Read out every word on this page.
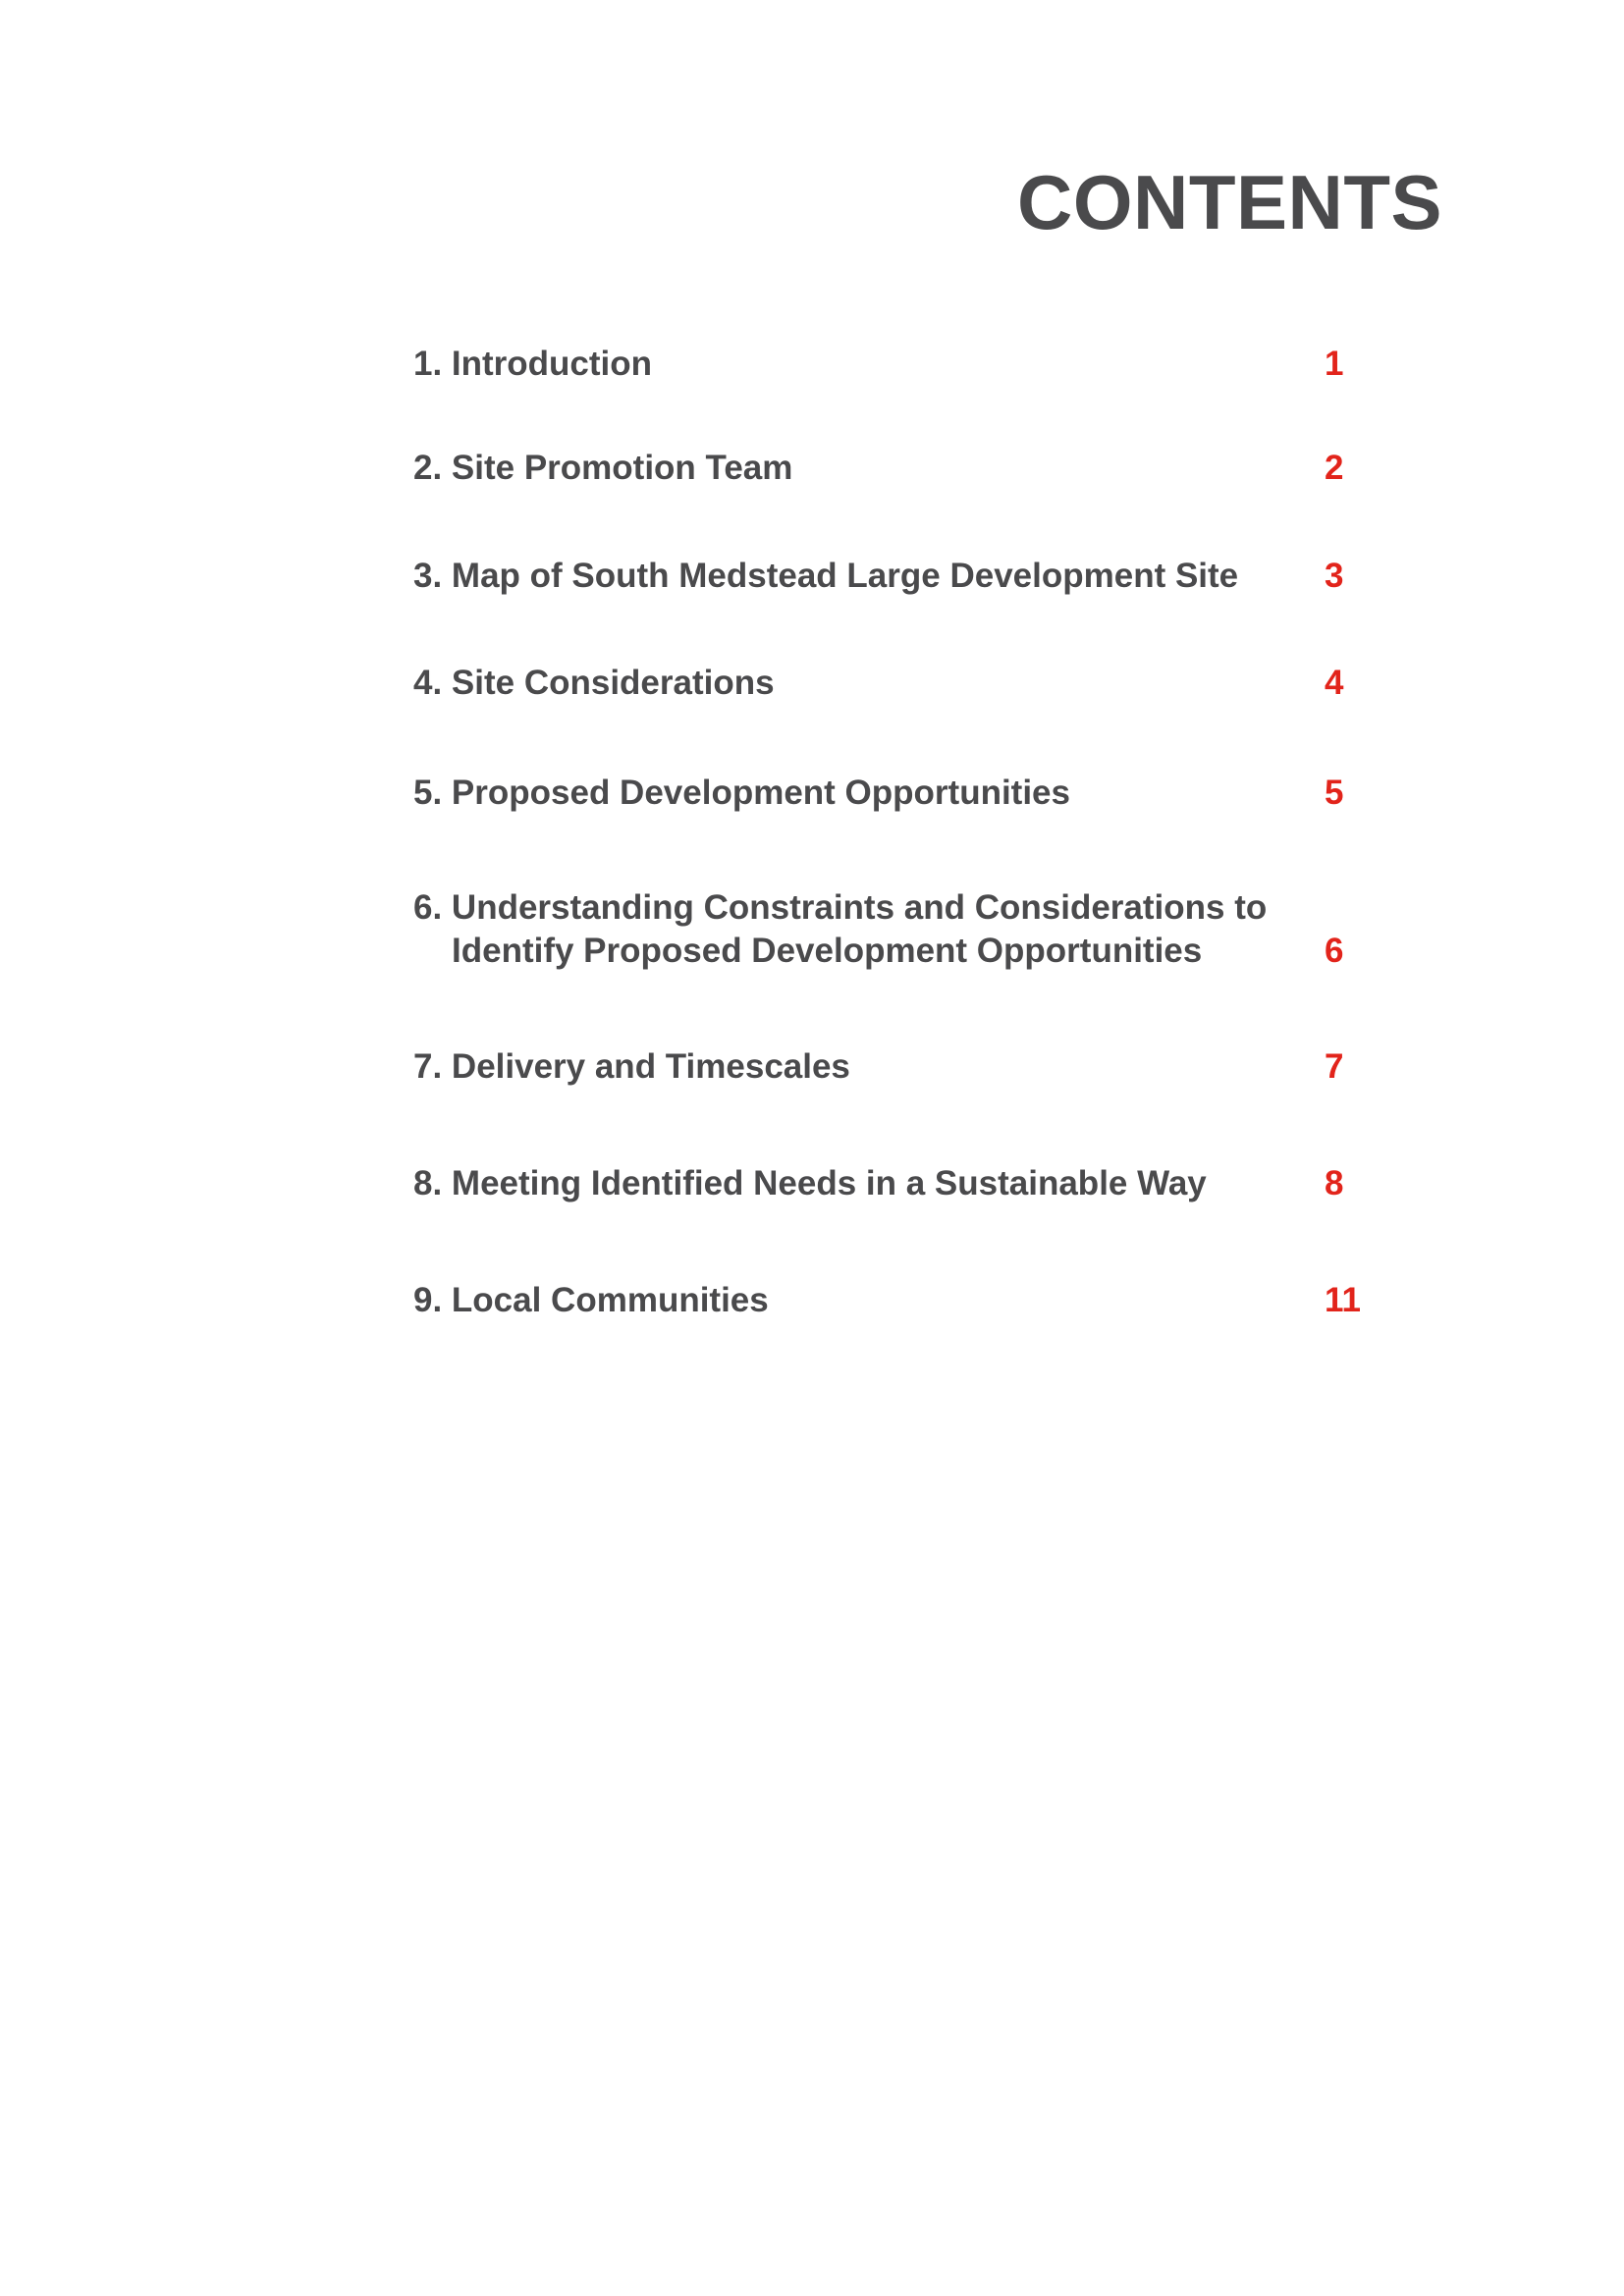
CONTENTS
1. Introduction	1
2. Site Promotion Team	2
3. Map of South Medstead Large Development Site	3
4. Site Considerations	4
5. Proposed Development Opportunities	5
6. Understanding Constraints and Considerations to
Identify Proposed Development Opportunities	6
7. Delivery and Timescales	7
8. Meeting Identified Needs in a Sustainable Way	8
9. Local Communities	11
